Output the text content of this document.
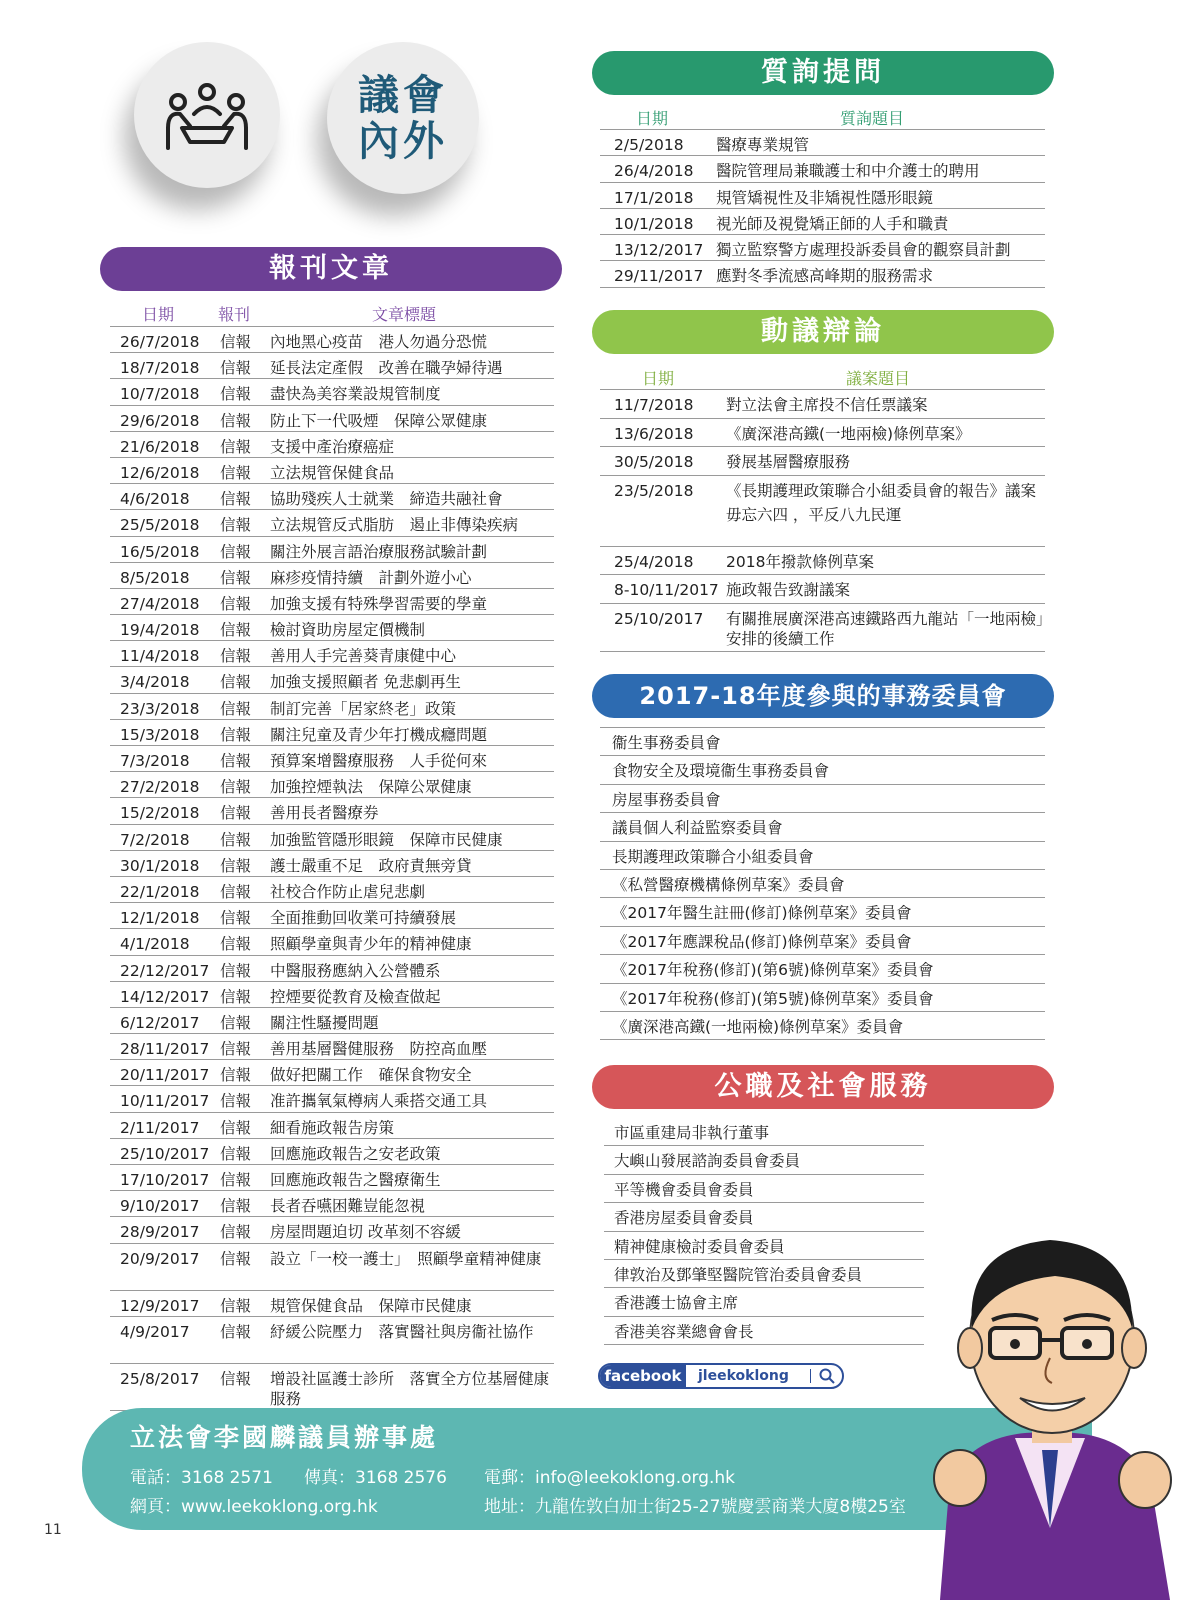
議會
內外
報刊文章
日期	報刊	文章標題
26/7/2018 信報 內地黑心疫苗　港人勿過分恐慌
18/7/2018 信報 延長法定產假　改善在職孕婦待遇
10/7/2018 信報 盡快為美容業設規管制度
29/6/2018 信報 防止下一代吸煙　保障公眾健康
21/6/2018 信報 支援中產治療癌症
12/6/2018 信報 立法規管保健食品
4/6/2018 信報 協助殘疾人士就業　締造共融社會
25/5/2018 信報 立法規管反式脂肪　遏止非傳染疾病
16/5/2018 信報 關注外展言語治療服務試驗計劃
8/5/2018 信報 麻疹疫情持續　計劃外遊小心
27/4/2018 信報 加強支援有特殊學習需要的學童
19/4/2018 信報 檢討資助房屋定價機制
11/4/2018 信報 善用人手完善葵青康健中心
3/4/2018 信報 加強支援照顧者 免悲劇再生
23/3/2018 信報 制訂完善「居家終老」政策
15/3/2018 信報 關注兒童及青少年打機成癮問題
7/3/2018 信報 預算案增醫療服務　人手從何來
27/2/2018 信報 加強控煙執法　保障公眾健康
15/2/2018 信報 善用長者醫療券
7/2/2018 信報 加強監管隱形眼鏡　保障市民健康
30/1/2018 信報 護士嚴重不足　政府責無旁貸
22/1/2018 信報 社校合作防止虐兒悲劇
12/1/2018 信報 全面推動回收業可持續發展
4/1/2018 信報 照顧學童與青少年的精神健康
22/12/2017 信報 中醫服務應納入公營體系
14/12/2017 信報 控煙要從教育及檢查做起
6/12/2017 信報 關注性騷擾問題
28/11/2017 信報 善用基層醫健服務　防控高血壓
20/11/2017 信報 做好把關工作　確保食物安全
10/11/2017 信報 准許攜氧氣樽病人乘搭交通工具
2/11/2017 信報 細看施政報告房策
25/10/2017 信報 回應施政報告之安老政策
17/10/2017 信報 回應施政報告之醫療衛生
9/10/2017 信報 長者吞嚥困難豈能忽視
28/9/2017 信報 房屋問題迫切 改革刻不容緩
20/9/2017 信報 設立「一校一護士」　照顧學童精神健康
12/9/2017 信報 規管保健食品　保障市民健康
4/9/2017 信報 紓緩公院壓力　落實醫社與房衞社協作
25/8/2017 信報 增設社區護士診所　落實全方位基層健康服務
質詢提問
日期	質詢題目
2/5/2018 醫療專業規管
26/4/2018 醫院管理局兼職護士和中介護士的聘用
17/1/2018 規管矯視性及非矯視性隱形眼鏡
10/1/2018 視光師及視覺矯正師的人手和職責
13/12/2017 獨立監察警方處理投訴委員會的觀察員計劃
29/11/2017 應對冬季流感高峰期的服務需求
動議辯論
日期	議案題目
11/7/2018 對立法會主席投不信任票議案
13/6/2018 《廣深港高鐵(一地兩檢)條例草案》
30/5/2018 發展基層醫療服務
23/5/2018 《長期護理政策聯合小組委員會的報告》議案
毋忘六四 ，平反八九民運
25/4/2018 2018年撥款條例草案
8-10/11/2017 施政報告致謝議案
25/10/2017 有關推展廣深港高速鐵路西九龍站「一地兩檢」安排的後續工作
2017-18年度參與的事務委員會
衞生事務委員會
食物安全及環境衞生事務委員會
房屋事務委員會
議員個人利益監察委員會
長期護理政策聯合小組委員會
《私營醫療機構條例草案》委員會
《2017年醫生註冊(修訂)條例草案》委員會
《2017年應課稅品(修訂)條例草案》委員會
《2017年稅務(修訂)(第6號)條例草案》委員會
《2017年稅務(修訂)(第5號)條例草案》委員會
《廣深港高鐵(一地兩檢)條例草案》委員會
公職及社會服務
市區重建局非執行董事
大嶼山發展諮詢委員會委員
平等機會委員會委員
香港房屋委員會委員
精神健康檢討委員會委員
律敦治及鄧肇堅醫院管治委員會委員
香港護士協會主席
香港美容業總會會長
facebook	jleekoklong
立法會李國麟議員辦事處
電話：3168 2571 傳真：3168 2576 電郵：info@leekoklong.org.hk
網頁：www.leekoklong.org.hk	地址：九龍佐敦白加士街25-27號慶雲商業大廈8樓25室
11
